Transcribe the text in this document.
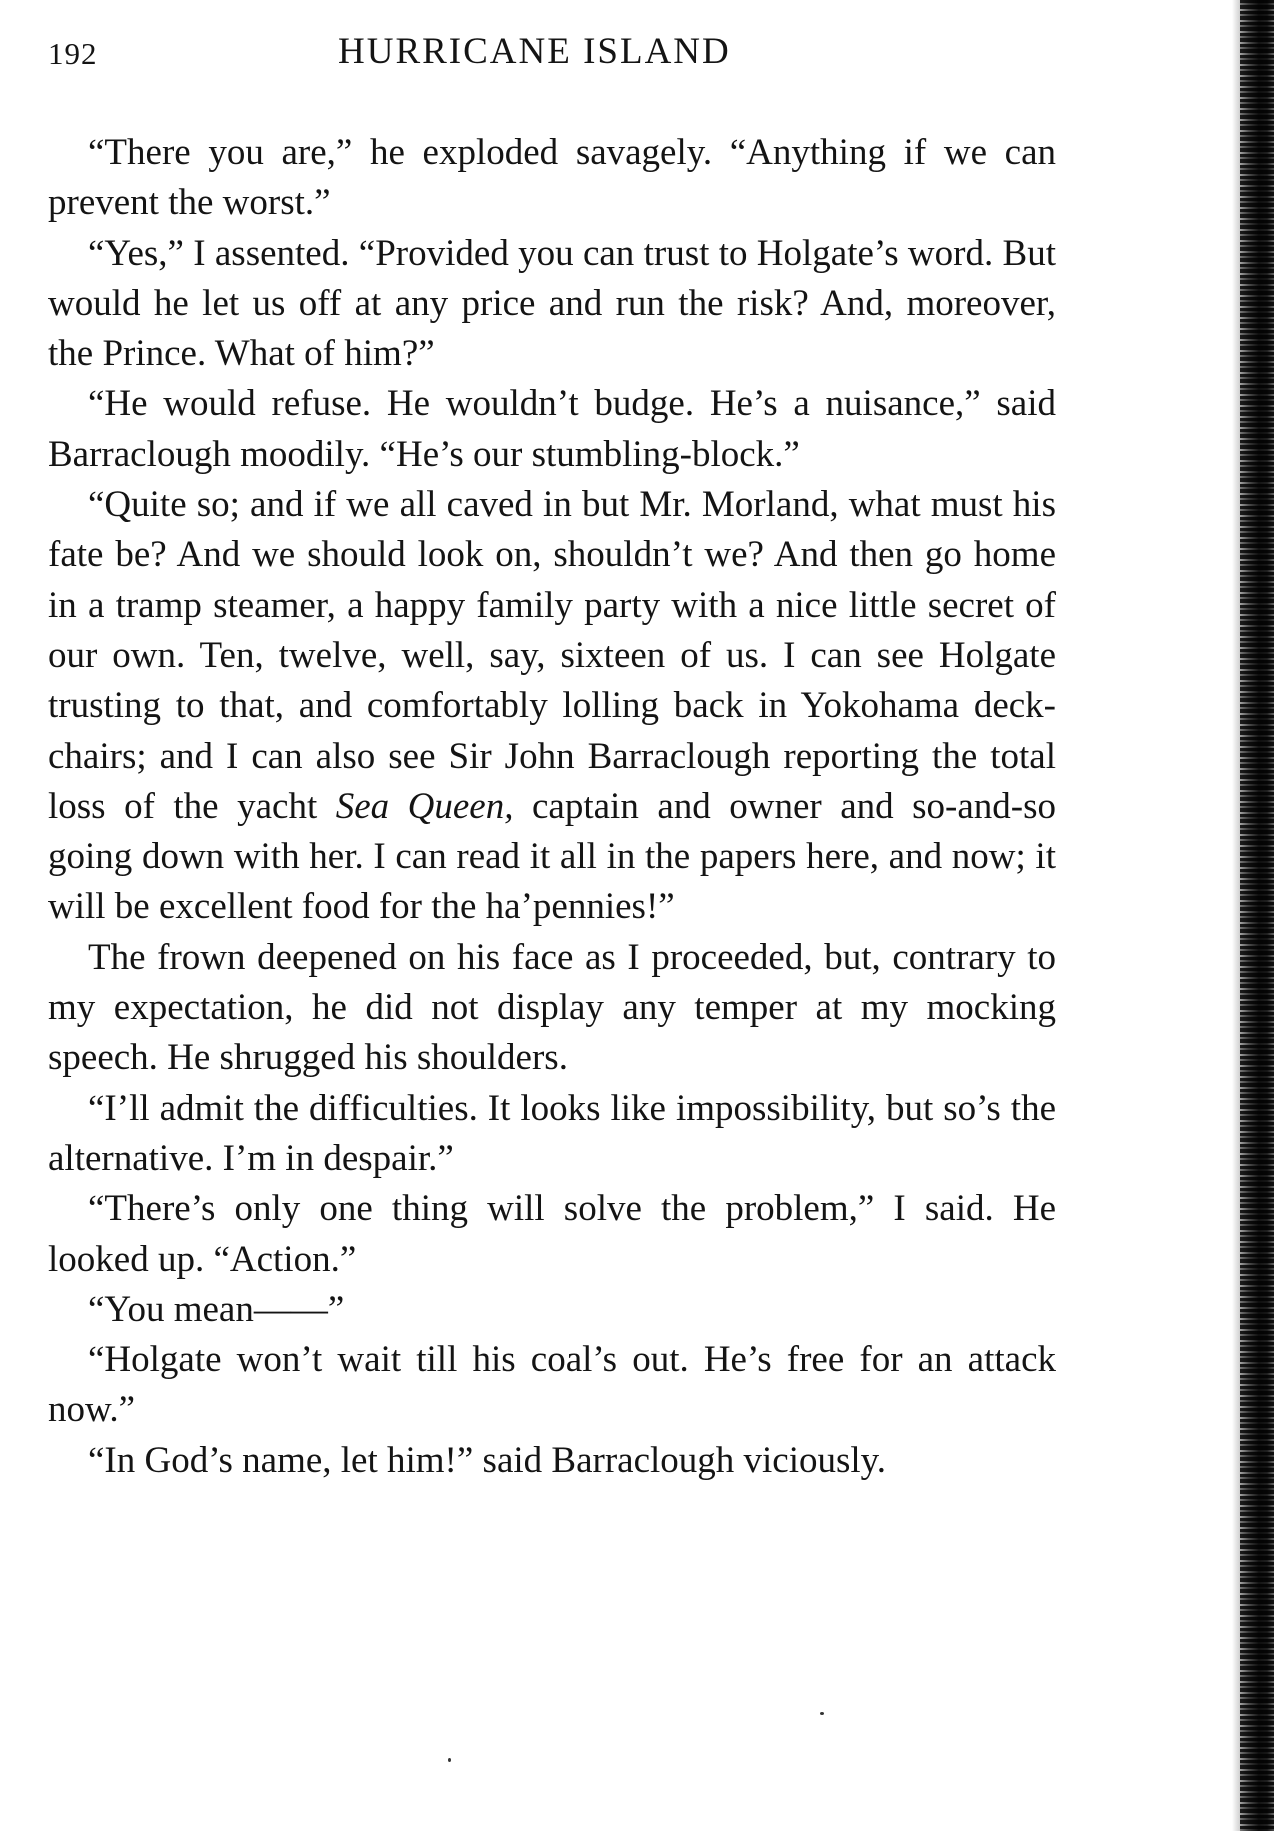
192	HURRICANE ISLAND

“There you are,” he exploded savagely. “Anything if we can prevent the worst.”

“Yes,” I assented. “Provided you can trust to Holgate’s word. But would he let us off at any price and run the risk? And, moreover, the Prince. What of him?”

“He would refuse. He wouldn’t budge. He’s a nuisance,” said Barraclough moodily. “He’s our stumbling-block.”

“Quite so; and if we all caved in but Mr. Morland, what must his fate be? And we should look on, shouldn’t we? And then go home in a tramp steamer, a happy family party with a nice little secret of our own. Ten, twelve, well, say, sixteen of us. I can see Holgate trusting to that, and comfortably lolling back in Yokohama deck-chairs; and I can also see Sir John Barraclough reporting the total loss of the yacht Sea Queen, captain and owner and so-and-so going down with her. I can read it all in the papers here, and now; it will be excellent food for the ha’pennies!”

The frown deepened on his face as I proceeded, but, contrary to my expectation, he did not display any temper at my mocking speech. He shrugged his shoulders.

“I’ll admit the difficulties. It looks like impossibility, but so’s the alternative. I’m in despair.”

“There’s only one thing will solve the problem,” I said. He looked up. “Action.”

“You mean——”

“Holgate won’t wait till his coal’s out. He’s free for an attack now.”

“In God’s name, let him!” said Barraclough viciously.
